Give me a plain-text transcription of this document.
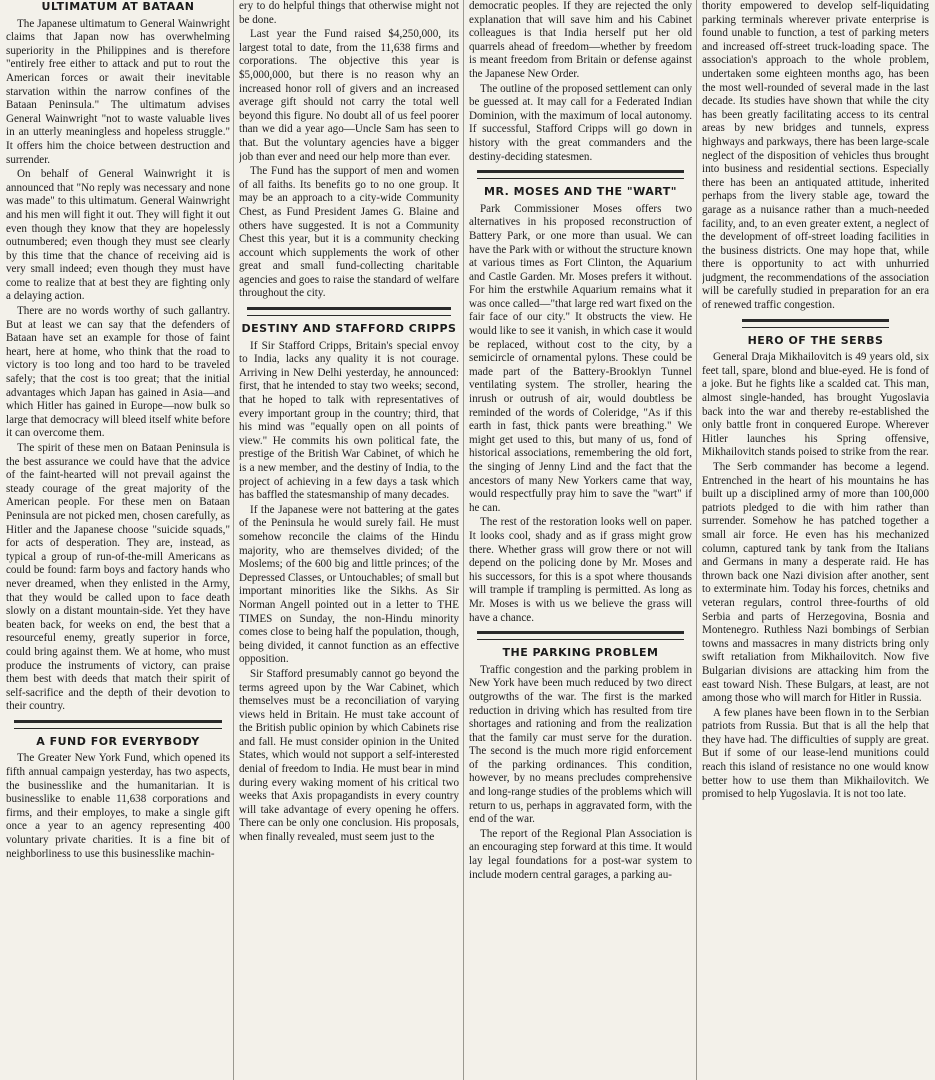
ULTIMATUM AT BATAAN

The Japanese ultimatum to General Wainwright claims that Japan now has overwhelming superiority in the Philippines and is therefore "entirely free either to attack and put to rout the American forces or await their inevitable starvation within the narrow confines of the Bataan Peninsula." The ultimatum advises General Wainwright "not to waste valuable lives in an utterly meaningless and hopeless struggle." It offers him the choice between destruction and surrender.

On behalf of General Wainwright it is announced that "No reply was necessary and none was made" to this ultimatum. General Wainwright and his men will fight it out. They will fight it out even though they know that they are hopelessly outnumbered; even though they must see clearly by this time that the chance of receiving aid is very small indeed; even though they must have come to realize that at best they are fighting only a delaying action.

There are no words worthy of such gallantry. But at least we can say that the defenders of Bataan have set an example for those of faint heart, here at home, who think that the road to victory is too long and too hard to be traveled safely; that the cost is too great; that the initial advantages which Japan has gained in Asia—and which Hitler has gained in Europe—now bulk so large that democracy will bleed itself white before it can overcome them.

The spirit of these men on Bataan Peninsula is the best assurance we could have that the advice of the faint-hearted will not prevail against the steady courage of the great majority of the American people. For these men on Bataan Peninsula are not picked men, chosen carefully, as Hitler and the Japanese choose "suicide squads," for acts of desperation. They are, instead, as typical a group of run-of-the-mill Americans as could be found: farm boys and factory hands who never dreamed, when they enlisted in the Army, that they would be called upon to face death slowly on a distant mountain-side. Yet they have beaten back, for weeks on end, the best that a resourceful enemy, greatly superior in force, could bring against them. We at home, who must produce the instruments of victory, can praise them best with deeds that match their spirit of self-sacrifice and the depth of their devotion to their country.

A FUND FOR EVERYBODY

The Greater New York Fund, which opened its fifth annual campaign yesterday, has two aspects, the businesslike and the humanitarian. It is businesslike to enable 11,638 corporations and firms, and their employes, to make a single gift once a year to an agency representing 400 voluntary private charities. It is a fine bit of neighborliness to use this businesslike machin-

ery to do helpful things that otherwise might not be done.

Last year the Fund raised $4,250,000, its largest total to date, from the 11,638 firms and corporations. The objective this year is $5,000,000, but there is no reason why an increased honor roll of givers and an increased average gift should not carry the total well beyond this figure. No doubt all of us feel poorer than we did a year ago—Uncle Sam has seen to that. But the voluntary agencies have a bigger job than ever and need our help more than ever.

The Fund has the support of men and women of all faiths. Its benefits go to no one group. It may be an approach to a city-wide Community Chest, as Fund President James G. Blaine and others have suggested. It is not a Community Chest this year, but it is a community checking account which supplements the work of other great and small fund-collecting charitable agencies and goes to raise the standard of welfare throughout the city.

DESTINY AND STAFFORD CRIPPS

If Sir Stafford Cripps, Britain's special envoy to India, lacks any quality it is not courage. Arriving in New Delhi yesterday, he announced: first, that he intended to stay two weeks; second, that he hoped to talk with representatives of every important group in the country; third, that his mind was "equally open on all points of view." He commits his own political fate, the prestige of the British War Cabinet, of which he is a new member, and the destiny of India, to the project of achieving in a few days a task which has baffled the statesmanship of many decades.

If the Japanese were not battering at the gates of the Peninsula he would surely fail. He must somehow reconcile the claims of the Hindu majority, who are themselves divided; of the Moslems; of the 600 big and little princes; of the Depressed Classes, or Untouchables; of small but important minorities like the Sikhs. As Sir Norman Angell pointed out in a letter to THE TIMES on Sunday, the non-Hindu minority comes close to being half the population, though, being divided, it cannot function as an effective opposition.

Sir Stafford presumably cannot go beyond the terms agreed upon by the War Cabinet, which themselves must be a reconciliation of varying views held in Britain. He must take account of the British public opinion by which Cabinets rise and fall. He must consider opinion in the United States, which would not support a self-interested denial of freedom to India. He must bear in mind during every waking moment of his critical two weeks that Axis propagandists in every country will take advantage of every opening he offers. There can be only one conclusion. His proposals, when finally revealed, must seem just to the

democratic peoples. If they are rejected the only explanation that will save him and his Cabinet colleagues is that India herself put her old quarrels ahead of freedom—whether by freedom is meant freedom from Britain or defense against the Japanese New Order.

The outline of the proposed settlement can only be guessed at. It may call for a Federated Indian Dominion, with the maximum of local autonomy. If successful, Stafford Cripps will go down in history with the great commanders and the destiny-deciding statesmen.

MR. MOSES AND THE "WART"

Park Commissioner Moses offers two alternatives in his proposed reconstruction of Battery Park, or one more than usual. We can have the Park with or without the structure known at various times as Fort Clinton, the Aquarium and Castle Garden. Mr. Moses prefers it without. For him the erstwhile Aquarium remains what it was once called—"that large red wart fixed on the fair face of our city." It obstructs the view. He would like to see it vanish, in which case it would be replaced, without cost to the city, by a semicircle of ornamental pylons. These could be made part of the Battery-Brooklyn Tunnel ventilating system. The stroller, hearing the inrush or outrush of air, would doubtless be reminded of the words of Coleridge, "As if this earth in fast, thick pants were breathing." We might get used to this, but many of us, fond of historical associations, remembering the old fort, the singing of Jenny Lind and the fact that the ancestors of many New Yorkers came that way, would respectfully pray him to save the "wart" if he can.

The rest of the restoration looks well on paper. It looks cool, shady and as if grass might grow there. Whether grass will grow there or not will depend on the policing done by Mr. Moses and his successors, for this is a spot where thousands will trample if trampling is permitted. As long as Mr. Moses is with us we believe the grass will have a chance.

THE PARKING PROBLEM

Traffic congestion and the parking problem in New York have been much reduced by two direct outgrowths of the war. The first is the marked reduction in driving which has resulted from tire shortages and rationing and from the realization that the family car must serve for the duration. The second is the much more rigid enforcement of the parking ordinances. This condition, however, by no means precludes comprehensive and long-range studies of the problems which will return to us, perhaps in aggravated form, with the end of the war.

The report of the Regional Plan Association is an encouraging step forward at this time. It would lay legal foundations for a post-war system to include modern central garages, a parking au-

thority empowered to develop self-liquidating parking terminals wherever private enterprise is found unable to function, a test of parking meters and increased off-street truck-loading space. The association's approach to the whole problem, undertaken some eighteen months ago, has been the most well-rounded of several made in the last decade. Its studies have shown that while the city has been greatly facilitating access to its central areas by new bridges and tunnels, express highways and parkways, there has been large-scale neglect of the disposition of vehicles thus brought into business and residential sections. Especially there has been an antiquated attitude, inherited perhaps from the livery stable age, toward the garage as a nuisance rather than a much-needed facility, and, to an even greater extent, a neglect of the development of off-street loading facilities in the business districts. One may hope that, while there is opportunity to act with unhurried judgment, the recommendations of the association will be carefully studied in preparation for an era of renewed traffic congestion.

HERO OF THE SERBS

General Draja Mikhailovitch is 49 years old, six feet tall, spare, blond and blue-eyed. He is fond of a joke. But he fights like a scalded cat. This man, almost single-handed, has brought Yugoslavia back into the war and thereby re-established the only battle front in conquered Europe. Wherever Hitler launches his Spring offensive, Mikhailovitch stands poised to strike from the rear.

The Serb commander has become a legend. Entrenched in the heart of his mountains he has built up a disciplined army of more than 100,000 patriots pledged to die with him rather than surrender. Somehow he has patched together a small air force. He even has his mechanized column, captured tank by tank from the Italians and Germans in many a desperate raid. He has thrown back one Nazi division after another, sent to exterminate him. Today his forces, chetniks and veteran regulars, control three-fourths of old Serbia and parts of Herzegovina, Bosnia and Montenegro. Ruthless Nazi bombings of Serbian towns and massacres in many districts bring only swift retaliation from Mikhailovitch. Now five Bulgarian divisions are attacking him from the east toward Nish. These Bulgars, at least, are not among those who will march for Hitler in Russia.

A few planes have been flown in to the Serbian patriots from Russia. But that is all the help that they have had. The difficulties of supply are great. But if some of our lease-lend munitions could reach this island of resistance no one would know better how to use them than Mikhailovitch. We promised to help Yugoslavia. It is not too late.
